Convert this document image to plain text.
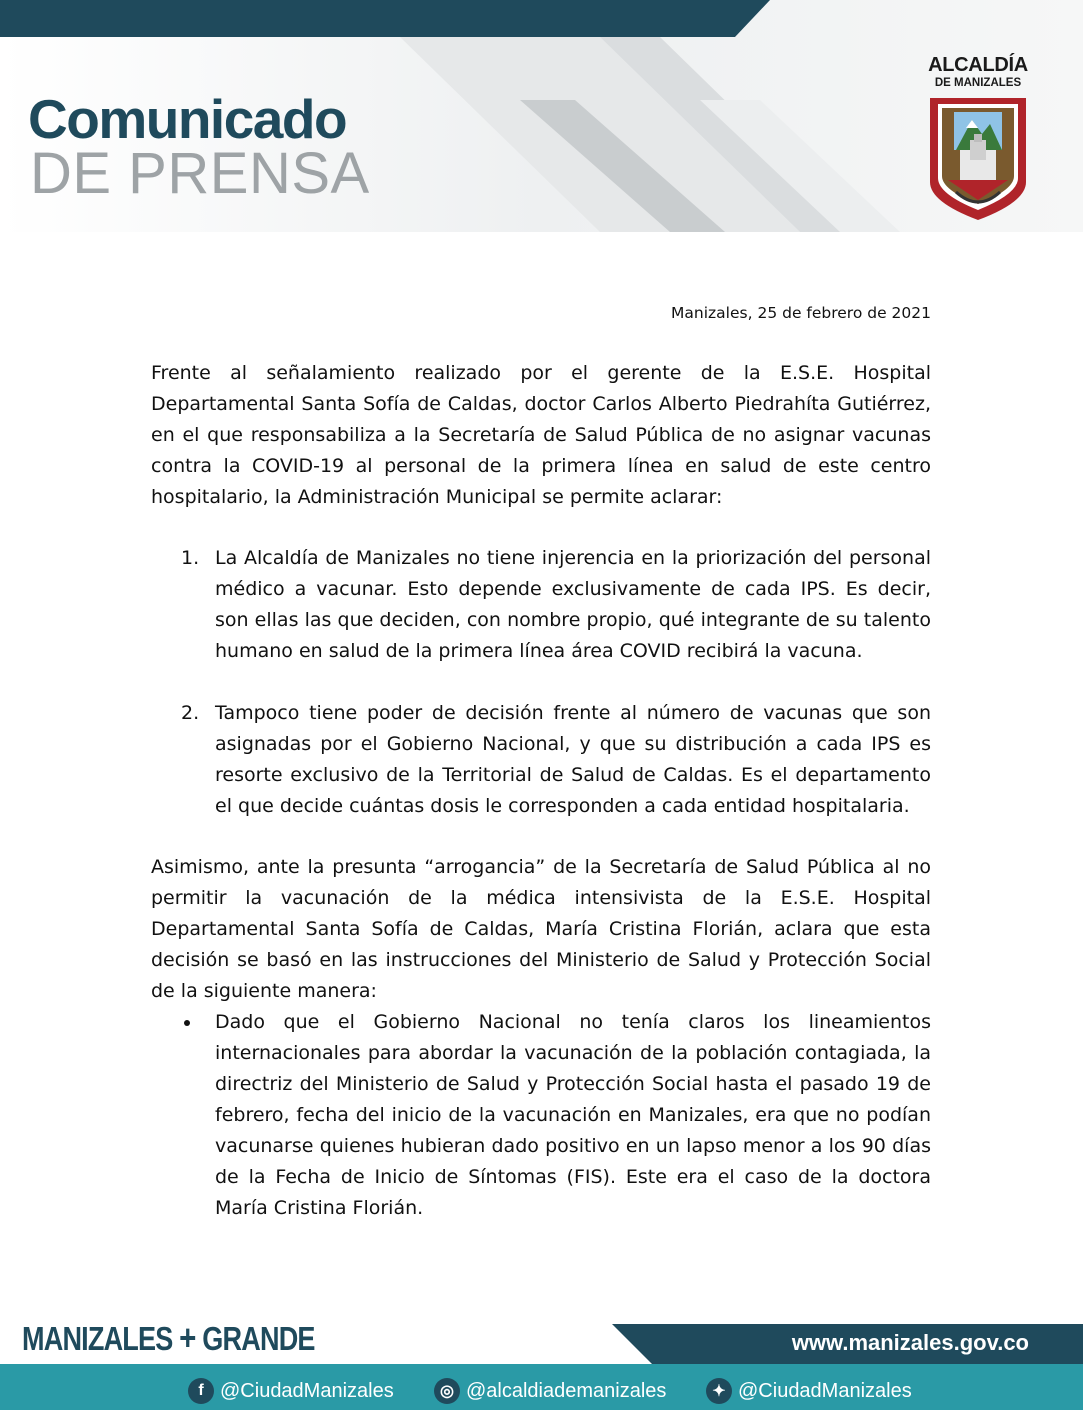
Comunicado
DE PRENSA
ALCALDÍA
DE MANIZALES
Manizales, 25 de febrero de 2021

Frente al señalamiento realizado por el gerente de la E.S.E. Hospital Departamental Santa Sofía de Caldas, doctor Carlos Alberto Piedrahíta Gutiérrez, en el que responsabiliza a la Secretaría de Salud Pública de no asignar vacunas contra la COVID-19 al personal de la primera línea en salud de este centro hospitalario, la Administración Municipal se permite aclarar:

1. La Alcaldía de Manizales no tiene injerencia en la priorización del personal médico a vacunar. Esto depende exclusivamente de cada IPS. Es decir, son ellas las que deciden, con nombre propio, qué integrante de su talento humano en salud de la primera línea área COVID recibirá la vacuna.

2. Tampoco tiene poder de decisión frente al número de vacunas que son asignadas por el Gobierno Nacional, y que su distribución a cada IPS es resorte exclusivo de la Territorial de Salud de Caldas. Es el departamento el que decide cuántas dosis le corresponden a cada entidad hospitalaria.

Asimismo, ante la presunta “arrogancia” de la Secretaría de Salud Pública al no permitir la vacunación de la médica intensivista de la E.S.E. Hospital Departamental Santa Sofía de Caldas, María Cristina Florián, aclara que esta decisión se basó en las instrucciones del Ministerio de Salud y Protección Social de la siguiente manera:

Dado que el Gobierno Nacional no tenía claros los lineamientos internacionales para abordar la vacunación de la población contagiada, la directriz del Ministerio de Salud y Protección Social hasta el pasado 19 de febrero, fecha del inicio de la vacunación en Manizales, era que no podían vacunarse quienes hubieran dado positivo en un lapso menor a los 90 días de la Fecha de Inicio de Síntomas (FIS). Este era el caso de la doctora María Cristina Florián.

MANIZALES + GRANDE	www.manizales.gov.co
f @CiudadManizales	◎ @alcaldiademanizales	✦ @CiudadManizales
